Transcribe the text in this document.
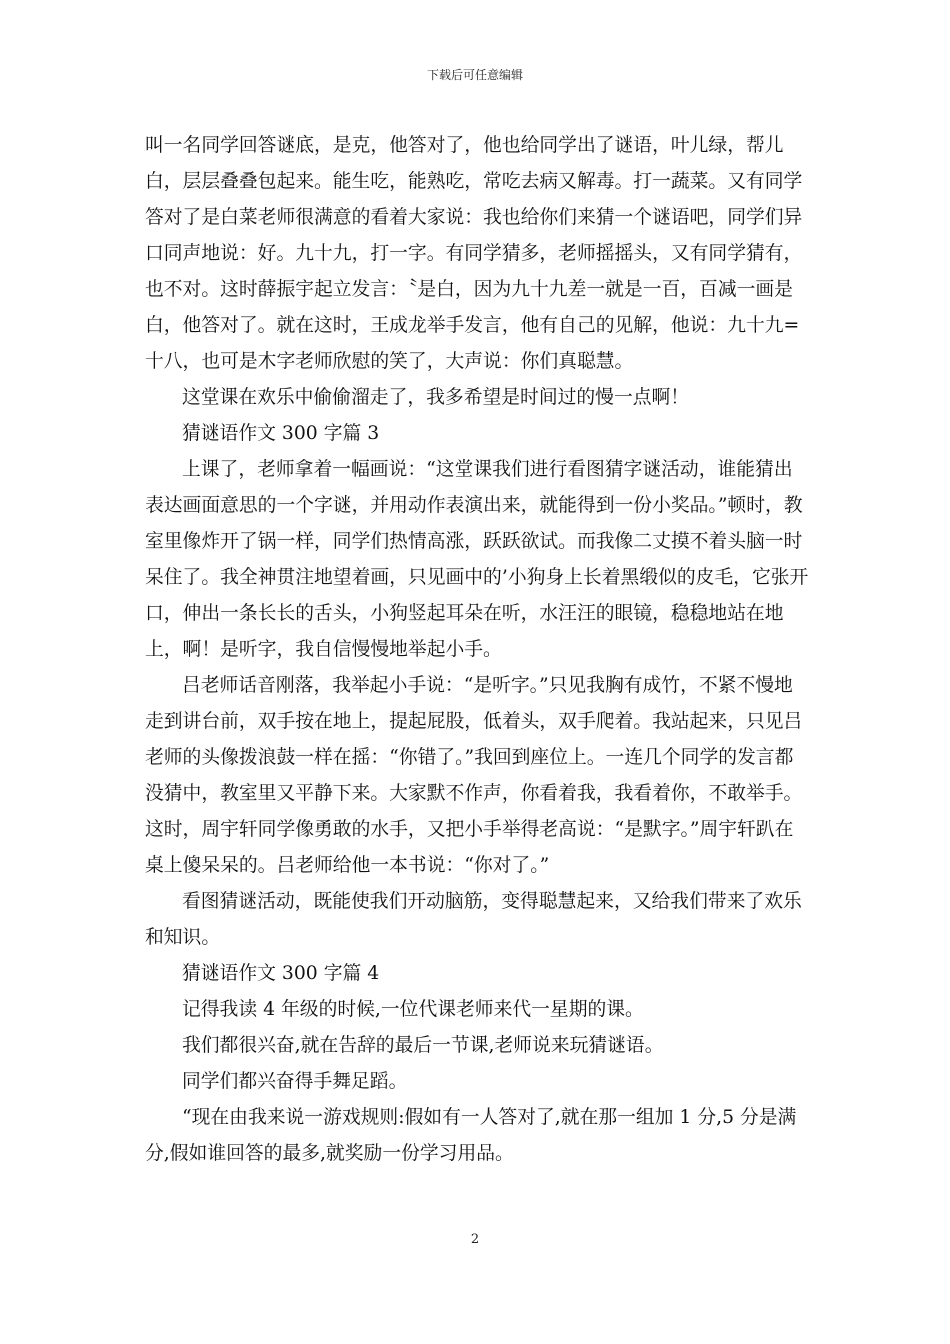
下载后可任意编辑

叫一名同学回答谜底，是克，他答对了，他也给同学出了谜语，叶儿绿，帮儿白，层层叠叠包起来。能生吃，能熟吃，常吃去病又解毒。打一蔬菜。又有同学答对了是白菜老师很满意的看着大家说：我也给你们来猜一个谜语吧，同学们异口同声地说：好。九十九，打一字。有同学猜多，老师摇摇头，又有同学猜有，也不对。这时薛振宇起立发言：〝是白，因为九十九差一就是一百，百减一画是白，他答对了。就在这时，王成龙举手发言，他有自己的见解，他说：九十九= 十八，也可是木字老师欣慰的笑了，大声说：你们真聪慧。

这堂课在欢乐中偷偷溜走了，我多希望是时间过的慢一点啊！

猜谜语作文 300 字篇 3

上课了，老师拿着一幅画说：“这堂课我们进行看图猜字谜活动，谁能猜出表达画面意思的一个字谜，并用动作表演出来，就能得到一份小奖品。”顿时，教室里像炸开了锅一样，同学们热情高涨，跃跃欲试。而我像二丈摸不着头脑一时呆住了。我全神贯注地望着画，只见画中的’小狗身上长着黑缎似的皮毛，它张开口，伸出一条长长的舌头，小狗竖起耳朵在听，水汪汪的眼镜，稳稳地站在地上，啊！是听字，我自信慢慢地举起小手。

吕老师话音刚落，我举起小手说：“是听字。”只见我胸有成竹，不紧不慢地走到讲台前，双手按在地上，提起屁股，低着头，双手爬着。我站起来，只见吕老师的头像拨浪鼓一样在摇：“你错了。”我回到座位上。一连几个同学的发言都没猜中，教室里又平静下来。大家默不作声，你看着我，我看着你，不敢举手。这时，周宇轩同学像勇敢的水手，又把小手举得老高说：“是默字。”周宇轩趴在桌上傻呆呆的。吕老师给他一本书说：“你对了。”

看图猜谜活动，既能使我们开动脑筋，变得聪慧起来，又给我们带来了欢乐和知识。

猜谜语作文 300 字篇 4

记得我读 4 年级的时候,一位代课老师来代一星期的课。

我们都很兴奋,就在告辞的最后一节课,老师说来玩猜谜语。

同学们都兴奋得手舞足蹈。

“现在由我来说一游戏规则:假如有一人答对了,就在那一组加 1 分,5 分是满分,假如谁回答的最多,就奖励一份学习用品。

2
